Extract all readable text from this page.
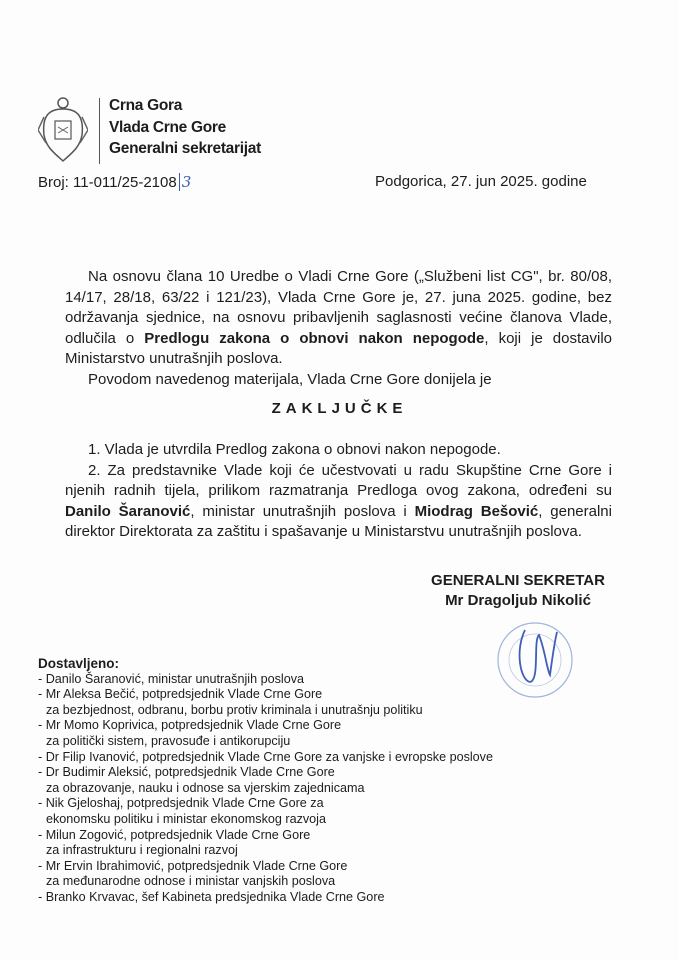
Crna Gora
Vlada Crne Gore
Generalni sekretarijat
Broj: 11-011/25-2108 3	Podgorica, 27. jun 2025. godine
Na osnovu člana 10 Uredbe o Vladi Crne Gore („Službeni list CG", br. 80/08, 14/17, 28/18, 63/22 i 121/23), Vlada Crne Gore je, 27. juna 2025. godine, bez održavanja sjednice, na osnovu pribavljenih saglasnosti većine članova Vlade, odlučila o Predlogu zakona o obnovi nakon nepogode, koji je dostavilo Ministarstvo unutrašnjih poslova.
Povodom navedenog materijala, Vlada Crne Gore donijela je
ZAKLJUČKE
1. Vlada je utvrdila Predlog zakona o obnovi nakon nepogode.
2. Za predstavnike Vlade koji će učestvovati u radu Skupštine Crne Gore i njenih radnih tijela, prilikom razmatranja Predloga ovog zakona, određeni su Danilo Šaranović, ministar unutrašnjih poslova i Miodrag Bešović, generalni direktor Direktorata za zaštitu i spašavanje u Ministarstvu unutrašnjih poslova.
GENERALNI SEKRETAR
Mr Dragoljub Nikolić
Dostavljeno:
- Danilo Šaranović, ministar unutrašnjih poslova
- Mr Aleksa Bečić, potpredsjednik Vlade Crne Gore
za bezbjednost, odbranu, borbu protiv kriminala i unutrašnju politiku
- Mr Momo Koprivica, potpredsjednik Vlade Crne Gore
za politički sistem, pravosuđe i antikorupciju
- Dr Filip Ivanović, potpredsjednik Vlade Crne Gore za vanjske i evropske poslove
- Dr Budimir Aleksić, potpredsjednik Vlade Crne Gore
za obrazovanje, nauku i odnose sa vjerskim zajednicama
- Nik Gjeloshaj, potpredsjednik Vlade Crne Gore za
ekonomsku politiku i ministar ekonomskog razvoja
- Milun Zogović, potpredsjednik Vlade Crne Gore
za infrastrukturu i regionalni razvoj
- Mr Ervin Ibrahimović, potpredsjednik Vlade Crne Gore
za međunarodne odnose i ministar vanjskih poslova
- Branko Krvavac, šef Kabineta predsjednika Vlade Crne Gore
